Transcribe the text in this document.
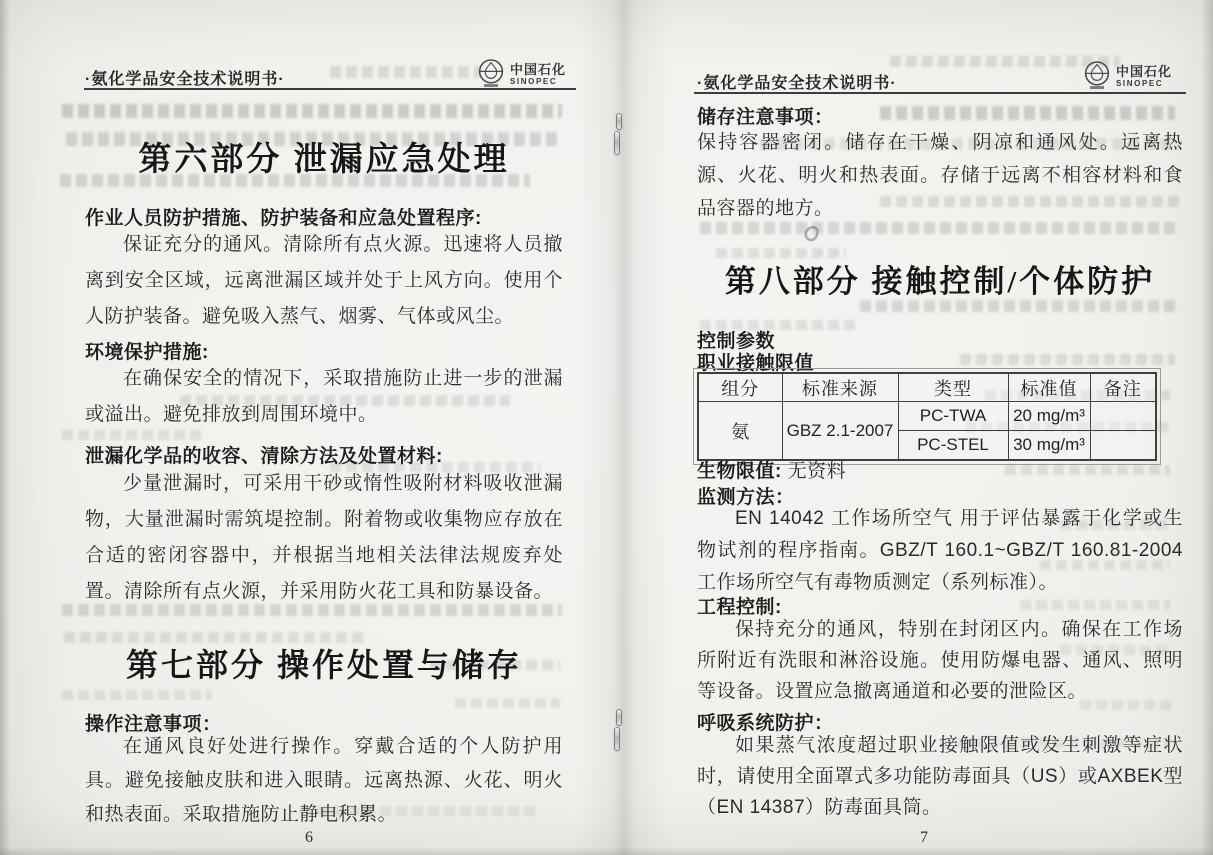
·氨化学品安全技术说明书·
中国石化
SINOPEC
第六部分 泄漏应急处理
作业人员防护措施、防护装备和应急处置程序:
保证充分的通风。清除所有点火源。迅速将人员撤离到安全区域，远离泄漏区域并处于上风方向。使用个人防护装备。避免吸入蒸气、烟雾、气体或风尘。
环境保护措施:
在确保安全的情况下，采取措施防止进一步的泄漏或溢出。避免排放到周围环境中。
泄漏化学品的收容、清除方法及处置材料:
少量泄漏时，可采用干砂或惰性吸附材料吸收泄漏物，大量泄漏时需筑堤控制。附着物或收集物应存放在合适的密闭容器中，并根据当地相关法律法规废弃处置。清除所有点火源，并采用防火花工具和防暴设备。
第七部分 操作处置与储存
操作注意事项：
在通风良好处进行操作。穿戴合适的个人防护用具。避免接触皮肤和进入眼睛。远离热源、火花、明火和热表面。采取措施防止静电积累。
6
·氨化学品安全技术说明书·
中国石化
SINOPEC
储存注意事项：
保持容器密闭。储存在干燥、阴凉和通风处。远离热源、火花、明火和热表面。存储于远离不相容材料和食品容器的地方。
第八部分 接触控制/个体防护
控制参数
职业接触限值
组分	标准来源	类型	标准值	备注
氨	GBZ 2.1-2007	PC-TWA	20 mg/m³	
		PC-STEL	30 mg/m³	
生物限值: 无资料
监测方法：
EN 14042 工作场所空气 用于评估暴露于化学或生物试剂的程序指南。GBZ/T 160.1~GBZ/T 160.81-2004工作场所空气有毒物质测定（系列标准）。
工程控制:
保持充分的通风，特别在封闭区内。确保在工作场所附近有洗眼和淋浴设施。使用防爆电器、通风、照明等设备。设置应急撤离通道和必要的泄险区。
呼吸系统防护：
如果蒸气浓度超过职业接触限值或发生刺激等症状时，请使用全面罩式多功能防毒面具（US）或AXBEK型（EN 14387）防毒面具筒。
7
